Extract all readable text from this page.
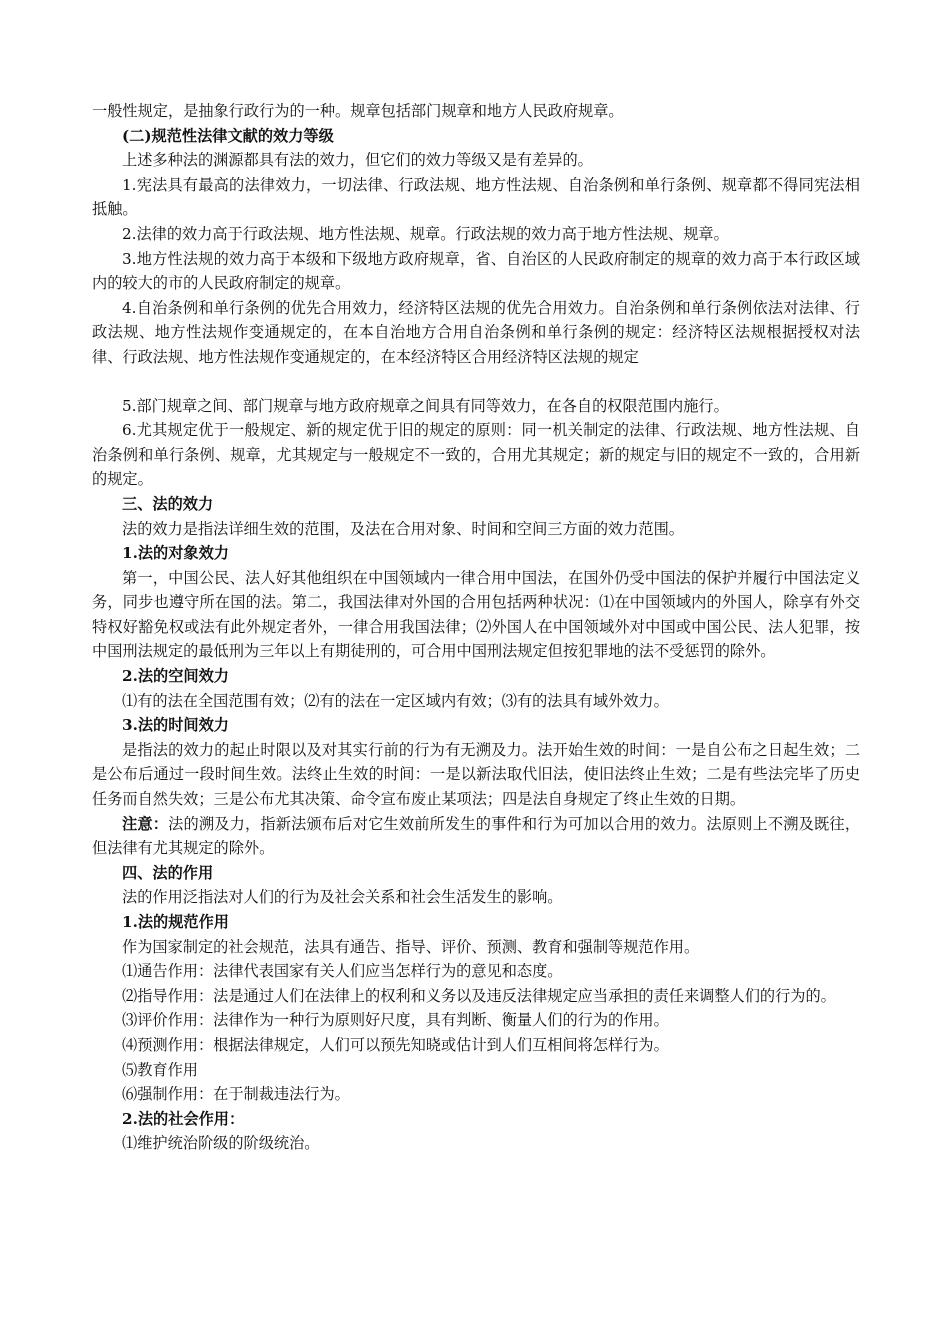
一般性规定，是抽象行政行为的一种。规章包括部门规章和地方人民政府规章。

(二)规范性法律文献的效力等级

上述多种法的渊源都具有法的效力，但它们的效力等级又是有差异的。

1.宪法具有最高的法律效力，一切法律、行政法规、地方性法规、自治条例和单行条例、规章都不得同宪法相抵触。

2.法律的效力高于行政法规、地方性法规、规章。行政法规的效力高于地方性法规、规章。

3.地方性法规的效力高于本级和下级地方政府规章，省、自治区的人民政府制定的规章的效力高于本行政区域内的较大的市的人民政府制定的规章。

4.自治条例和单行条例的优先合用效力，经济特区法规的优先合用效力。自治条例和单行条例依法对法律、行政法规、地方性法规作变通规定的，在本自治地方合用自治条例和单行条例的规定：经济特区法规根据授权对法律、行政法规、地方性法规作变通规定的，在本经济特区合用经济特区法规的规定

5.部门规章之间、部门规章与地方政府规章之间具有同等效力，在各自的权限范围内施行。

6.尤其规定优于一般规定、新的规定优于旧的规定的原则：同一机关制定的法律、行政法规、地方性法规、自治条例和单行条例、规章，尤其规定与一般规定不一致的，合用尤其规定；新的规定与旧的规定不一致的，合用新的规定。

三、法的效力

法的效力是指法详细生效的范围，及法在合用对象、时间和空间三方面的效力范围。

1.法的对象效力

第一，中国公民、法人好其他组织在中国领域内一律合用中国法，在国外仍受中国法的保护并履行中国法定义务，同步也遵守所在国的法。第二，我国法律对外国的合用包括两种状况：⑴在中国领域内的外国人，除享有外交特权好豁免权或法有此外规定者外，一律合用我国法律；⑵外国人在中国领域外对中国或中国公民、法人犯罪，按中国刑法规定的最低刑为三年以上有期徒刑的，可合用中国刑法规定但按犯罪地的法不受惩罚的除外。

2.法的空间效力

⑴有的法在全国范围有效；⑵有的法在一定区域内有效；⑶有的法具有域外效力。

3.法的时间效力

是指法的效力的起止时限以及对其实行前的行为有无溯及力。法开始生效的时间：一是自公布之日起生效；二是公布后通过一段时间生效。法终止生效的时间：一是以新法取代旧法，使旧法终止生效；二是有些法完毕了历史任务而自然失效；三是公布尤其决策、命令宣布废止某项法；四是法自身规定了终止生效的日期。

注意：法的溯及力，指新法颁布后对它生效前所发生的事件和行为可加以合用的效力。法原则上不溯及既往，但法律有尤其规定的除外。

四、法的作用

法的作用泛指法对人们的行为及社会关系和社会生活发生的影响。

1.法的规范作用

作为国家制定的社会规范，法具有通告、指导、评价、预测、教育和强制等规范作用。

⑴通告作用：法律代表国家有关人们应当怎样行为的意见和态度。

⑵指导作用：法是通过人们在法律上的权利和义务以及违反法律规定应当承担的责任来调整人们的行为的。

⑶评价作用：法律作为一种行为原则好尺度，具有判断、衡量人们的行为的作用。

⑷预测作用：根据法律规定，人们可以预先知晓或估计到人们互相间将怎样行为。

⑸教育作用

⑹强制作用：在于制裁违法行为。

2.法的社会作用：

⑴维护统治阶级的阶级统治。
